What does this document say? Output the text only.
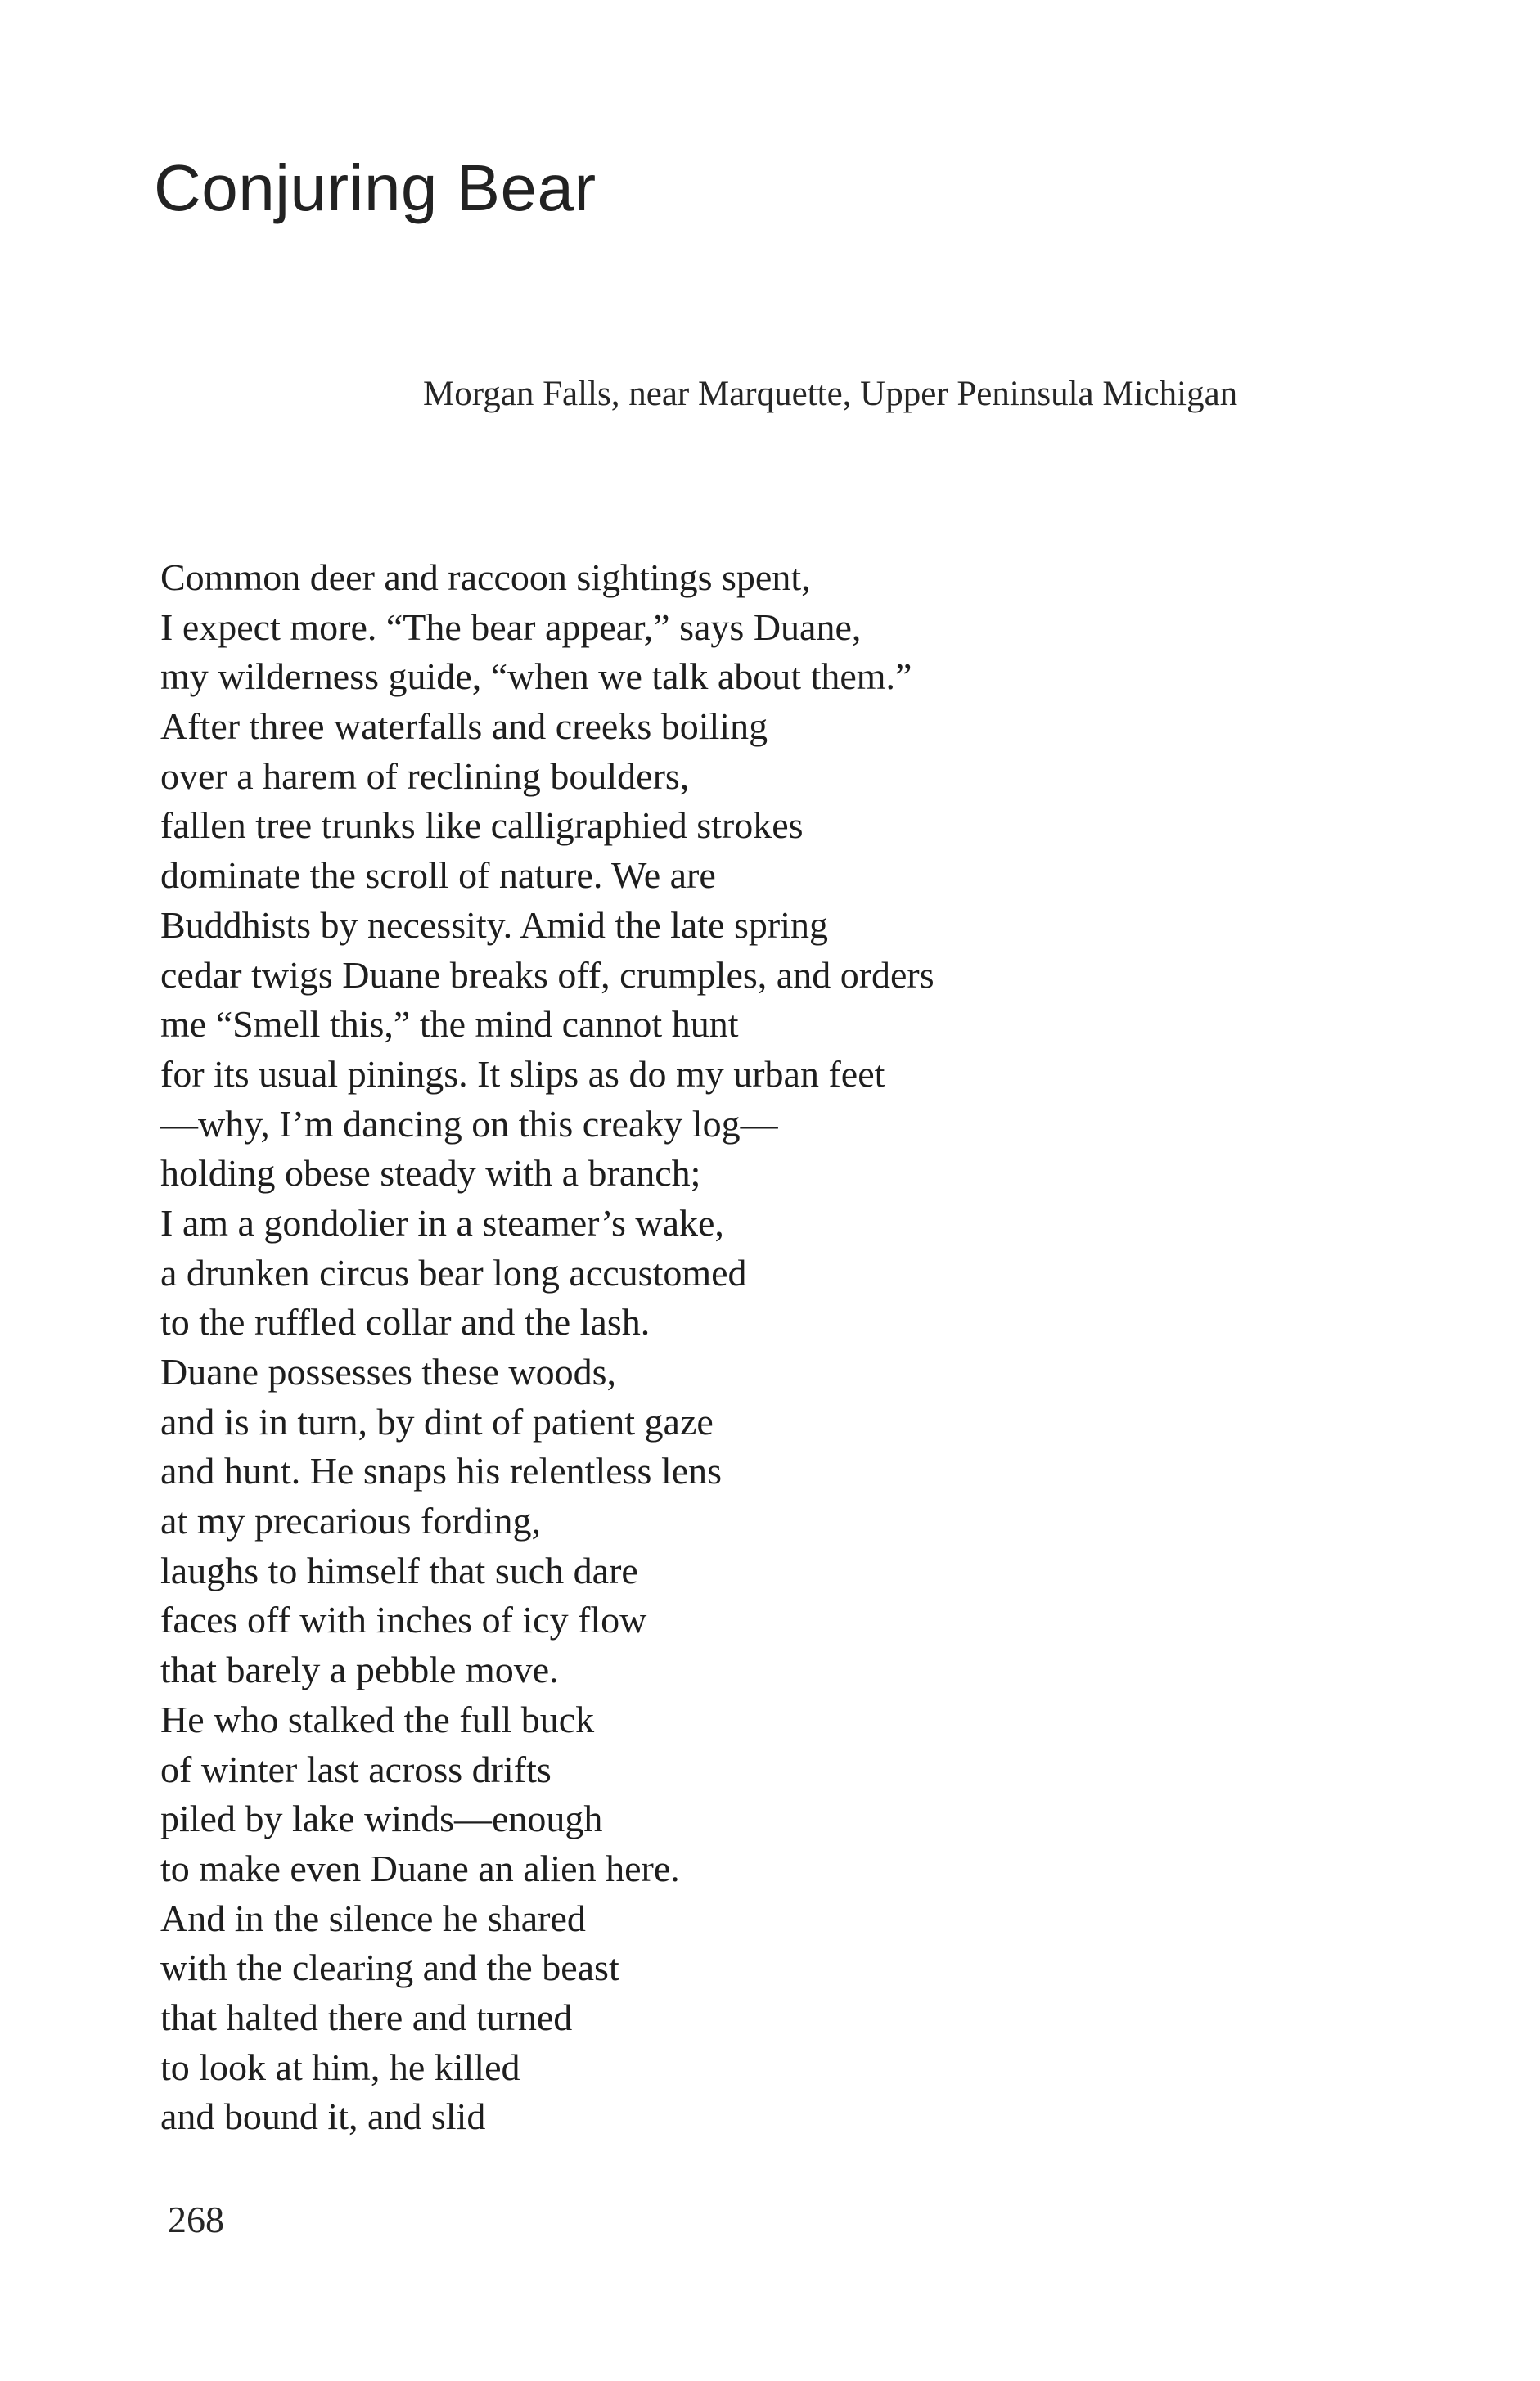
Conjuring Bear

Morgan Falls, near Marquette, Upper Peninsula Michigan

Common deer and raccoon sightings spent,
I expect more. “The bear appear,” says Duane,
my wilderness guide, “when we talk about them.”
After three waterfalls and creeks boiling
over a harem of reclining boulders,
fallen tree trunks like calligraphied strokes
dominate the scroll of nature. We are
Buddhists by necessity. Amid the late spring
cedar twigs Duane breaks off, crumples, and orders
me “Smell this,” the mind cannot hunt
for its usual pinings. It slips as do my urban feet
—why, I’m dancing on this creaky log—
holding obese steady with a branch;
I am a gondolier in a steamer’s wake,
a drunken circus bear long accustomed
to the ruffled collar and the lash.
Duane possesses these woods,
and is in turn, by dint of patient gaze
and hunt. He snaps his relentless lens
at my precarious fording,
laughs to himself that such dare
faces off with inches of icy flow
that barely a pebble move.
He who stalked the full buck
of winter last across drifts
piled by lake winds—enough
to make even Duane an alien here.
And in the silence he shared
with the clearing and the beast
that halted there and turned
to look at him, he killed
and bound it, and slid

268
